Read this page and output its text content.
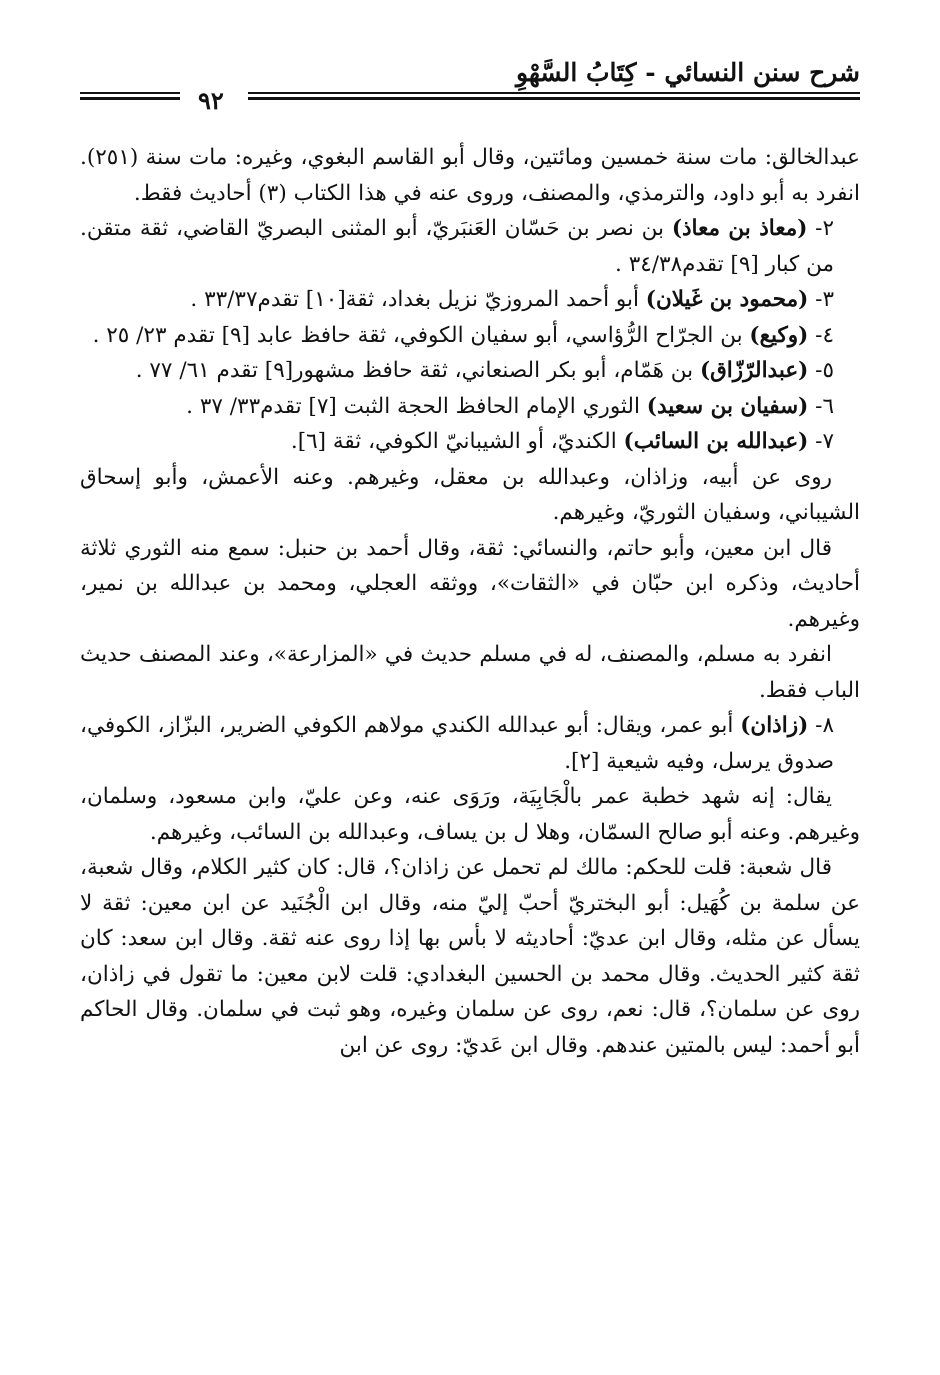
شرح سنن النسائي - كِتَابُ السَّهْوِ
٩٢

عبدالخالق: مات سنة خمسين ومائتين، وقال أبو القاسم البغوي، وغيره: مات سنة (٢٥١). انفرد به أبو داود، والترمذي، والمصنف، وروى عنه في هذا الكتاب (٣) أحاديث فقط.

٢- (معاذ بن معاذ) بن نصر بن حَسّان العَنبَريّ، أبو المثنى البصريّ القاضي، ثقة متقن. من كبار [٩] تقدم٣٤/٣٨ .

٣- (محمود بن غَيلان) أبو أحمد المروزيّ نزيل بغداد، ثقة[١٠] تقدم٣٣/٣٧ .

٤- (وكيع) بن الجرّاح الرُّؤاسي، أبو سفيان الكوفي، ثقة حافظ عابد [٩] تقدم ٢٣/ ٢٥ .

٥- (عبدالرّزّاق) بن هَمّام، أبو بكر الصنعاني، ثقة حافظ مشهور[٩] تقدم ٦١/ ٧٧ .

٦- (سفيان بن سعيد) الثوري الإمام الحافظ الحجة الثبت [٧] تقدم٣٣/ ٣٧ .

٧- (عبدالله بن السائب) الكنديّ، أو الشيبانيّ الكوفي، ثقة [٦].

روى عن أبيه، وزاذان، وعبدالله بن معقل، وغيرهم. وعنه الأعمش، وأبو إسحاق الشيباني، وسفيان الثوريّ، وغيرهم.

قال ابن معين، وأبو حاتم، والنسائي: ثقة، وقال أحمد بن حنبل: سمع منه الثوري ثلاثة أحاديث، وذكره ابن حبّان في «الثقات»، ووثقه العجلي، ومحمد بن عبدالله بن نمير، وغيرهم.

انفرد به مسلم، والمصنف، له في مسلم حديث في «المزارعة»، وعند المصنف حديث الباب فقط.

٨- (زاذان) أبو عمر، ويقال: أبو عبدالله الكندي مولاهم الكوفي الضرير، البزّاز، الكوفي، صدوق يرسل، وفيه شيعية [٢].

يقال: إنه شهد خطبة عمر بالْجَابِيَة، ورَوَى عنه، وعن عليّ، وابن مسعود، وسلمان، وغيرهم. وعنه أبو صالح السمّان، وهلا ل بن يساف، وعبدالله بن السائب، وغيرهم.

قال شعبة: قلت للحكم: مالك لم تحمل عن زاذان؟، قال: كان كثير الكلام، وقال شعبة، عن سلمة بن كُهَيل: أبو البختريّ أحبّ إليّ منه، وقال ابن الْجُنَيد عن ابن معين: ثقة لا يسأل عن مثله، وقال ابن عديّ: أحاديثه لا بأس بها إذا روى عنه ثقة. وقال ابن سعد: كان ثقة كثير الحديث. وقال محمد بن الحسين البغدادي: قلت لابن معين: ما تقول في زاذان، روى عن سلمان؟، قال: نعم، روى عن سلمان وغيره، وهو ثبت في سلمان. وقال الحاكم أبو أحمد: ليس بالمتين عندهم. وقال ابن عَديّ: روى عن ابن
